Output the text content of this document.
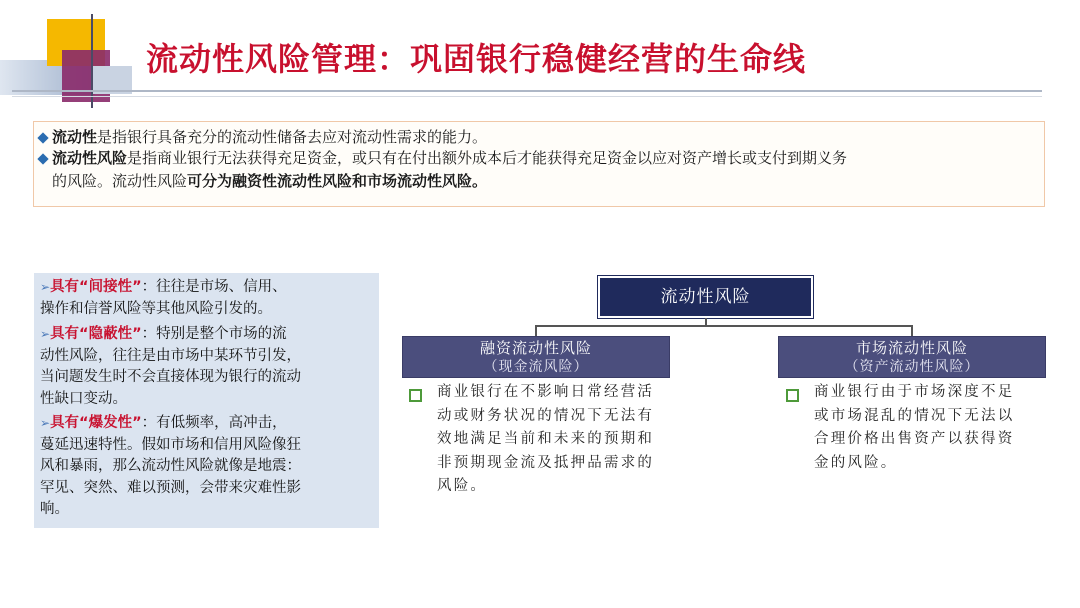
流动性风险管理：巩固银行稳健经营的生命线
流动性是指银行具备充分的流动性储备去应对流动性需求的能力。
流动性风险是指商业银行无法获得充足资金，或只有在付出额外成本后才能获得充足资金以应对资产增长或支付到期义务
的风险。流动性风险可分为融资性流动性风险和市场流动性风险。
➢具有“间接性”：往往是市场、信用、
操作和信誉风险等其他风险引发的。
➢具有“隐蔽性”：特别是整个市场的流
动性风险，往往是由市场中某环节引发，
当问题发生时不会直接体现为银行的流动
性缺口变动。
➢具有“爆发性”：有低频率，高冲击，
蔓延迅速特性。假如市场和信用风险像狂
风和暴雨，那么流动性风险就像是地震：
罕见、突然、难以预测，会带来灾难性影
响。
流动性风险
融资流动性风险
（现金流风险）
市场流动性风险
（资产流动性风险）
商业银行在不影响日常经营活
动或财务状况的情况下无法有
效地满足当前和未来的预期和
非预期现金流及抵押品需求的
风险。
商业银行由于市场深度不足
或市场混乱的情况下无法以
合理价格出售资产以获得资
金的风险。
